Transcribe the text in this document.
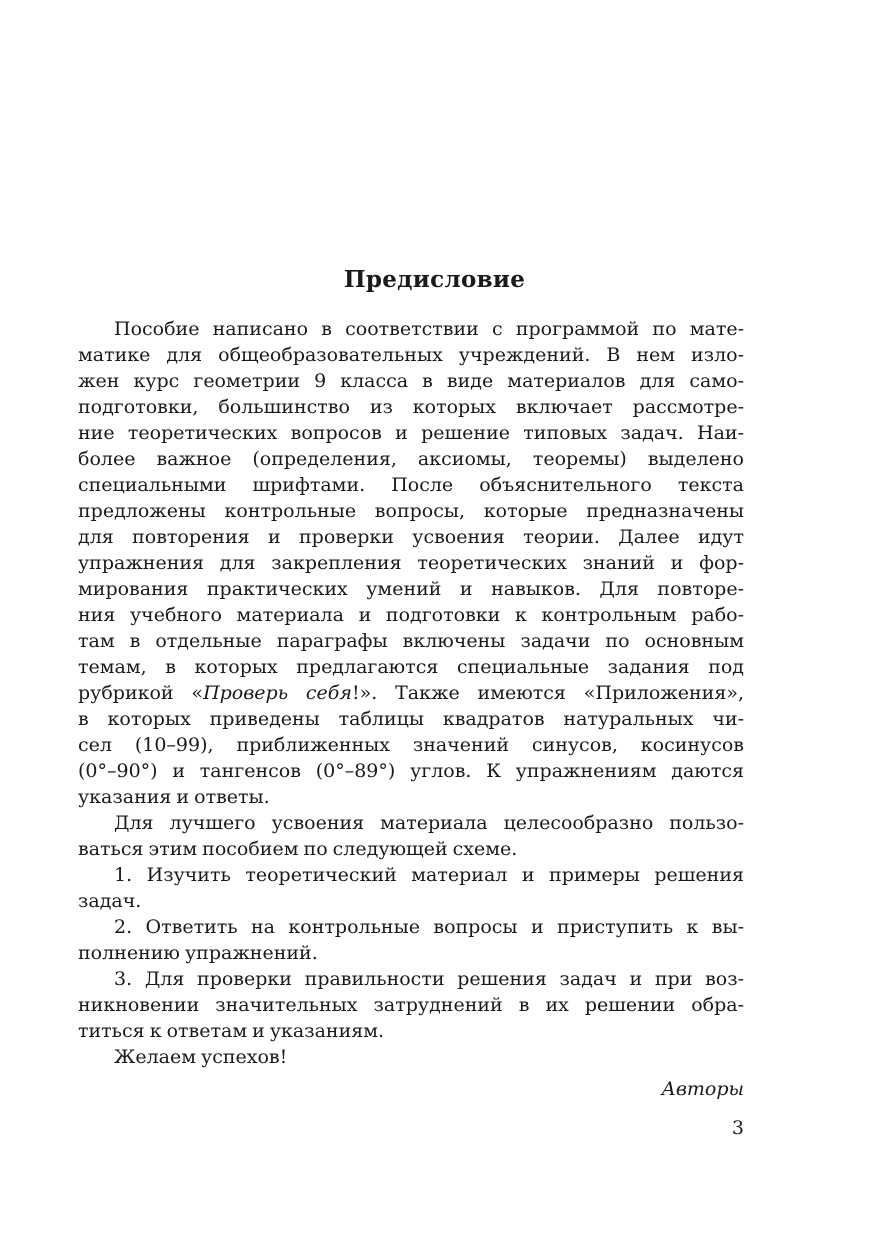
Предисловие
Пособие написано в соответствии с программой по мате-
матике для общеобразовательных учреждений. В нем изло-
жен курс геометрии 9 класса в виде материалов для само-
подготовки, большинство из которых включает рассмотре-
ние теоретических вопросов и решение типовых задач. Наи-
более важное (определения, аксиомы, теоремы) выделено
специальными шрифтами. После объяснительного текста
предложены контрольные вопросы, которые предназначены
для повторения и проверки усвоения теории. Далее идут
упражнения для закрепления теоретических знаний и фор-
мирования практических умений и навыков. Для повторе-
ния учебного материала и подготовки к контрольным рабо-
там в отдельные параграфы включены задачи по основным
темам, в которых предлагаются специальные задания под
рубрикой «Проверь себя!». Также имеются «Приложения»,
в которых приведены таблицы квадратов натуральных чи-
сел (10–99), приближенных значений синусов, косинусов
(0°–90°) и тангенсов (0°–89°) углов. К упражнениям даются
указания и ответы.
Для лучшего усвоения материала целесообразно пользо-
ваться этим пособием по следующей схеме.
1. Изучить теоретический материал и примеры решения
задач.
2. Ответить на контрольные вопросы и приступить к вы-
полнению упражнений.
3. Для проверки правильности решения задач и при воз-
никновении значительных затруднений в их решении обра-
титься к ответам и указаниям.
Желаем успехов!
Авторы
3
